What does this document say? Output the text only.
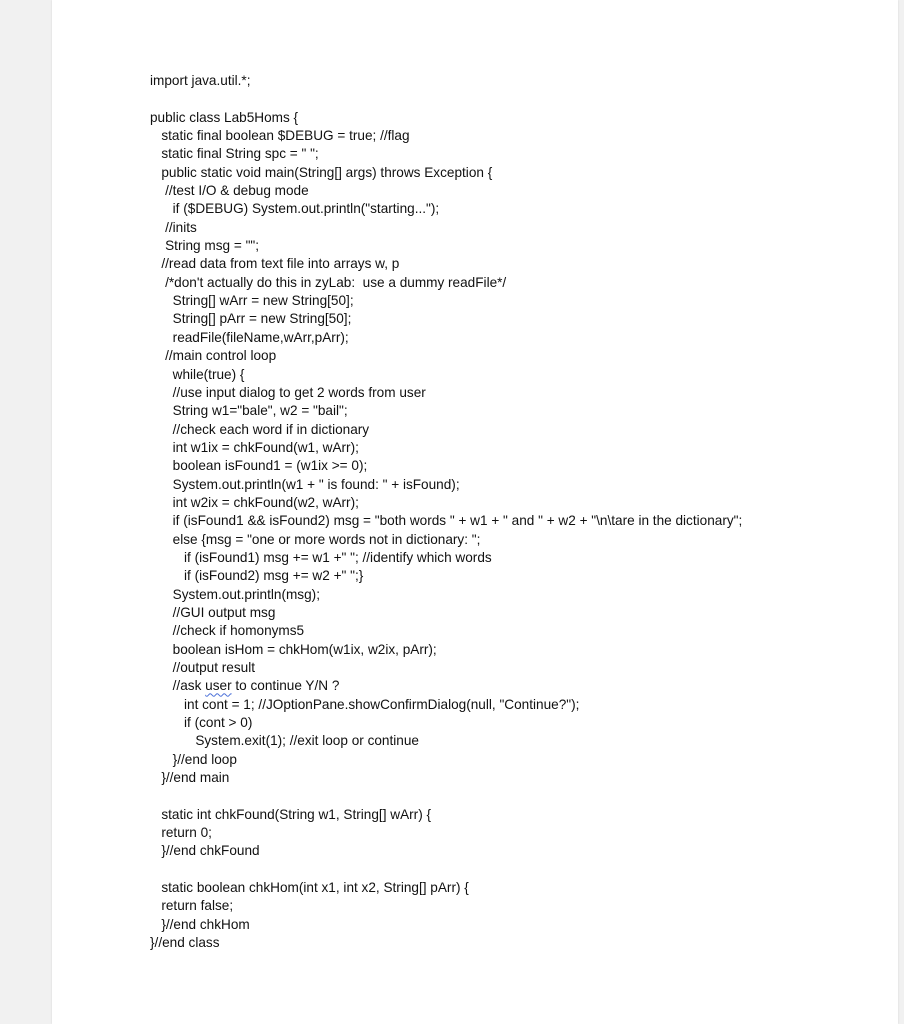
import java.util.*;
public class Lab5Homs {
static final boolean $DEBUG = true; //flag
static final String spc = " ";
public static void main(String[] args) throws Exception {
//test I/O & debug mode
if ($DEBUG) System.out.println("starting...");
//inits
String msg = "";
//read data from text file into arrays w, p
/*don't actually do this in zyLab:  use a dummy readFile*/
String[] wArr = new String[50];
String[] pArr = new String[50];
readFile(fileName,wArr,pArr);
//main control loop
while(true) {
//use input dialog to get 2 words from user
String w1="bale", w2 = "bail";
//check each word if in dictionary
int w1ix = chkFound(w1, wArr);
boolean isFound1 = (w1ix >= 0);
System.out.println(w1 + " is found: " + isFound);
int w2ix = chkFound(w2, wArr);
if (isFound1 && isFound2) msg = "both words " + w1 + " and " + w2 + "\n\tare in the dictionary";
else {msg = "one or more words not in dictionary: ";
if (isFound1) msg += w1 +" "; //identify which words
if (isFound2) msg += w2 +" ";}
System.out.println(msg);
//GUI output msg
//check if homonyms5
boolean isHom = chkHom(w1ix, w2ix, pArr);
//output result
//ask user to continue Y/N ?
int cont = 1; //JOptionPane.showConfirmDialog(null, "Continue?");
if (cont > 0)
System.exit(1); //exit loop or continue
}//end loop
}//end main
static int chkFound(String w1, String[] wArr) {
return 0;
}//end chkFound
static boolean chkHom(int x1, int x2, String[] pArr) {
return false;
}//end chkHom
}//end class
